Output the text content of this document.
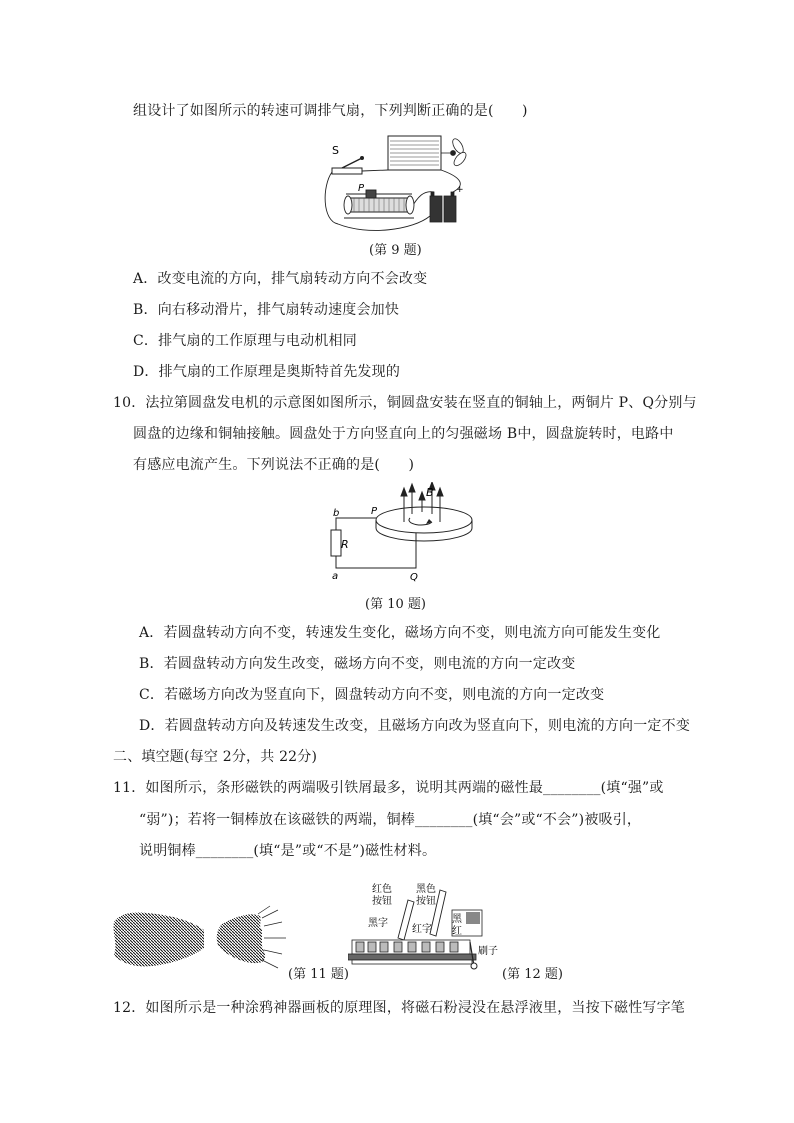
组设计了如图所示的转速可调排气扇，下列判断正确的是(　　)
S
P	+
(第 9 题)
A．改变电流的方向，排气扇转动方向不会改变
B．向右移动滑片，排气扇转动速度会加快
C．排气扇的工作原理与电动机相同
D．排气扇的工作原理是奥斯特首先发现的
10．法拉第圆盘发电机的示意图如图所示，铜圆盘安装在竖直的铜轴上，两铜片 P、Q分别与
圆盘的边缘和铜轴接触。圆盘处于方向竖直向上的匀强磁场 B中，圆盘旋转时，电路中
有感应电流产生。下列说法不正确的是(　　)
R
b
a
P
Q
B
(第 10 题)
A．若圆盘转动方向不变，转速发生变化，磁场方向不变，则电流方向可能发生变化
B．若圆盘转动方向发生改变，磁场方向不变，则电流的方向一定改变
C．若磁场方向改为竖直向下，圆盘转动方向不变，则电流的方向一定改变
D．若圆盘转动方向及转速发生改变，且磁场方向改为竖直向下，则电流的方向一定不变
二、填空题(每空 2分，共 22分)
11．如图所示，条形磁铁的两端吸引铁屑最多，说明其两端的磁性最________(填“强”或
“弱”)；若将一铜棒放在该磁铁的两端，铜棒________(填“会”或“不会”)被吸引，
说明铜棒________(填“是”或“不是”)磁性材料。
(第 11 题)
红色
按钮
黑色
按钮
黑字
红字
黑
红
刷子
(第 12 题)
12．如图所示是一种涂鸦神器画板的原理图，将磁石粉浸没在悬浮液里，当按下磁性写字笔
